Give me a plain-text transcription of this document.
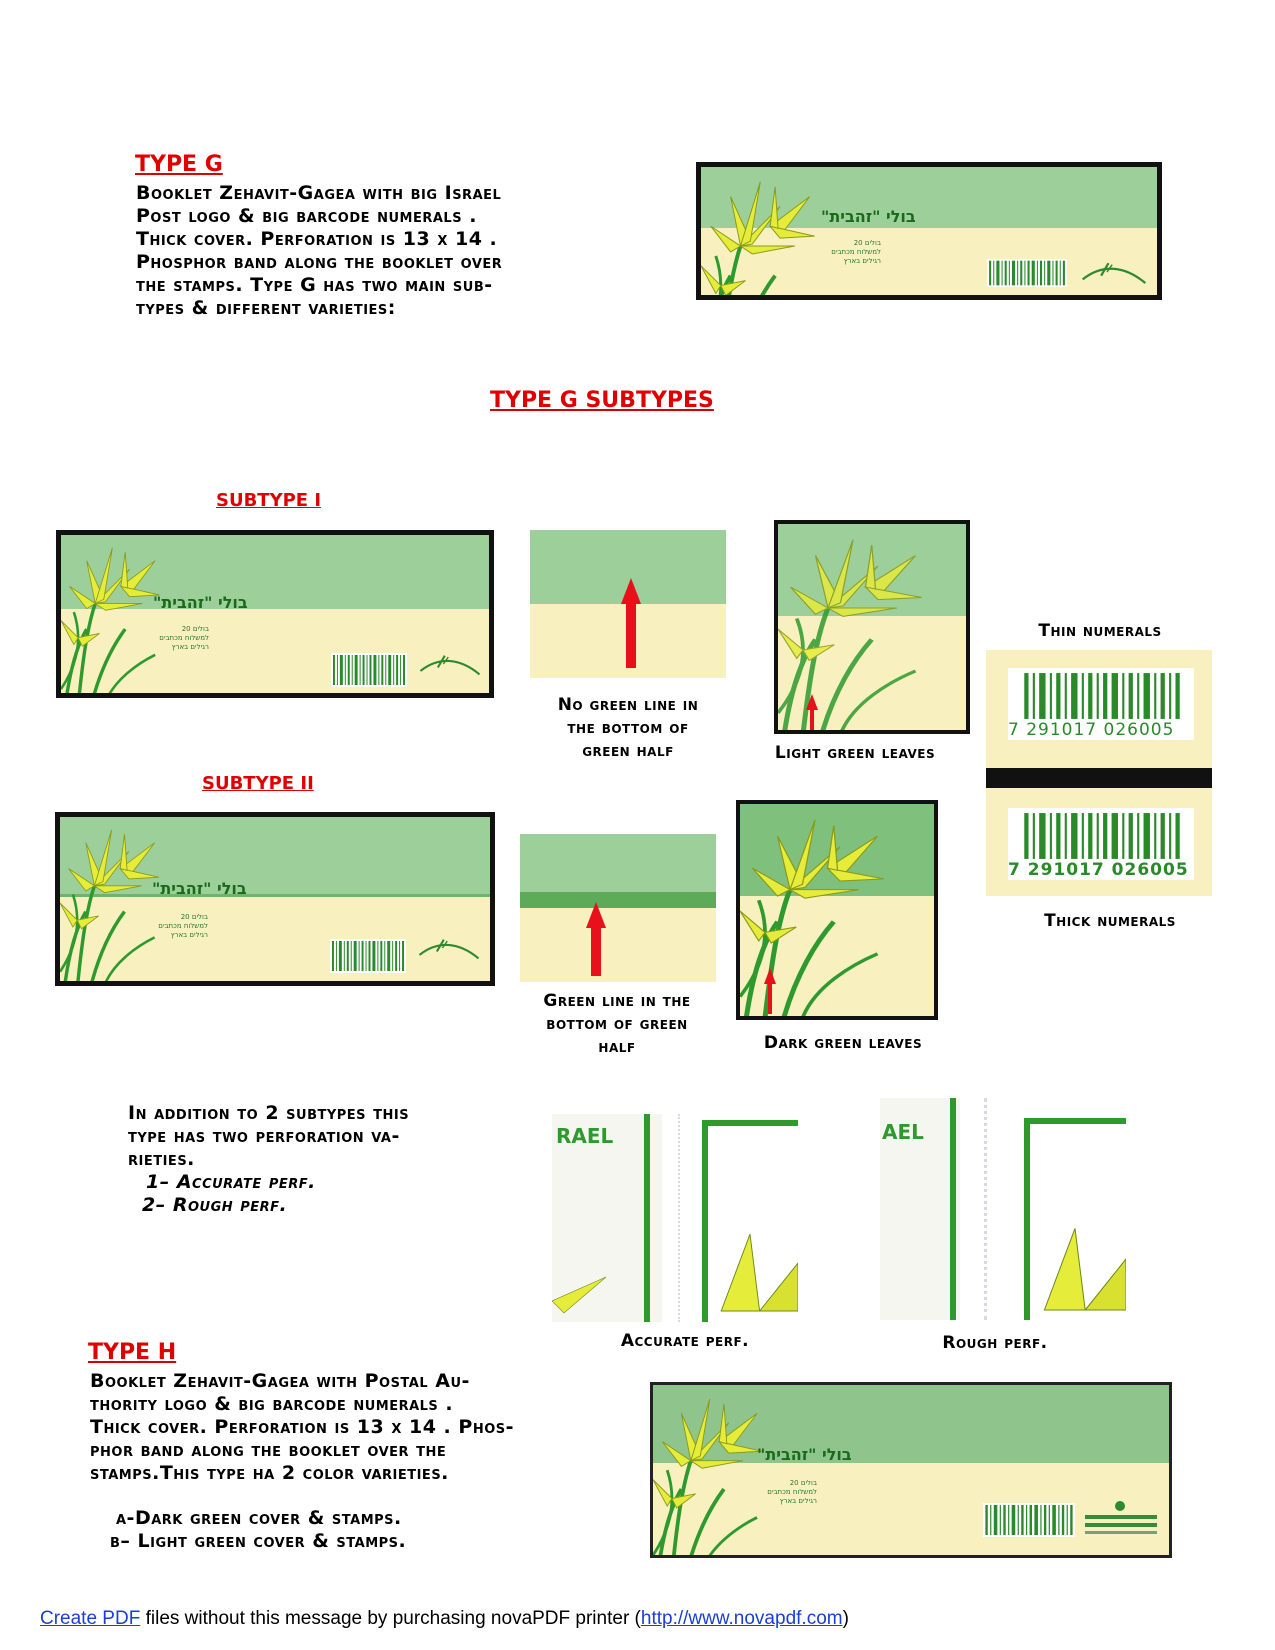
TYPE G
Booklet Zehavit-Gagea with big Israel
Post logo & big barcode numerals .
Thick cover. Perforation is 13 x 14 .
Phosphor band along the booklet over
the stamps. Type G has two main sub-
types & different varieties:
בולי "זהבית"
20 בולים
למשלוח מכתבים
רגילים בארץ
TYPE G SUBTYPES
SUBTYPE I
בולי "זהבית"
20 בולים
למשלוח מכתבים
רגילים בארץ
No green line in
the bottom of
green half	Light green leaves
Thin numerals
7 291017 026005
7 291017 026005
Thick numerals
SUBTYPE II
בולי "זהבית"
20 בולים
למשלוח מכתבים
רגילים בארץ
Green line in the
bottom of green
half	Dark green leaves
In addition to 2 subtypes this
type has two perforation va-
rieties.
1– Accurate perf.
2– Rough perf.
RAEL
Accurate perf.
AEL
Rough perf.
TYPE H
Booklet Zehavit-Gagea with Postal Au-
thority logo & big barcode numerals .
Thick cover. Perforation is 13 x 14 . Phos-
phor band along the booklet over the
stamps.This type ha 2 color varieties.
a-Dark green cover & stamps.
b– Light green cover & stamps.
בולי "זהבית"
20 בולים
למשלוח מכתבים
רגילים בארץ
Create PDF files without this message by purchasing novaPDF printer (http://www.novapdf.com)
